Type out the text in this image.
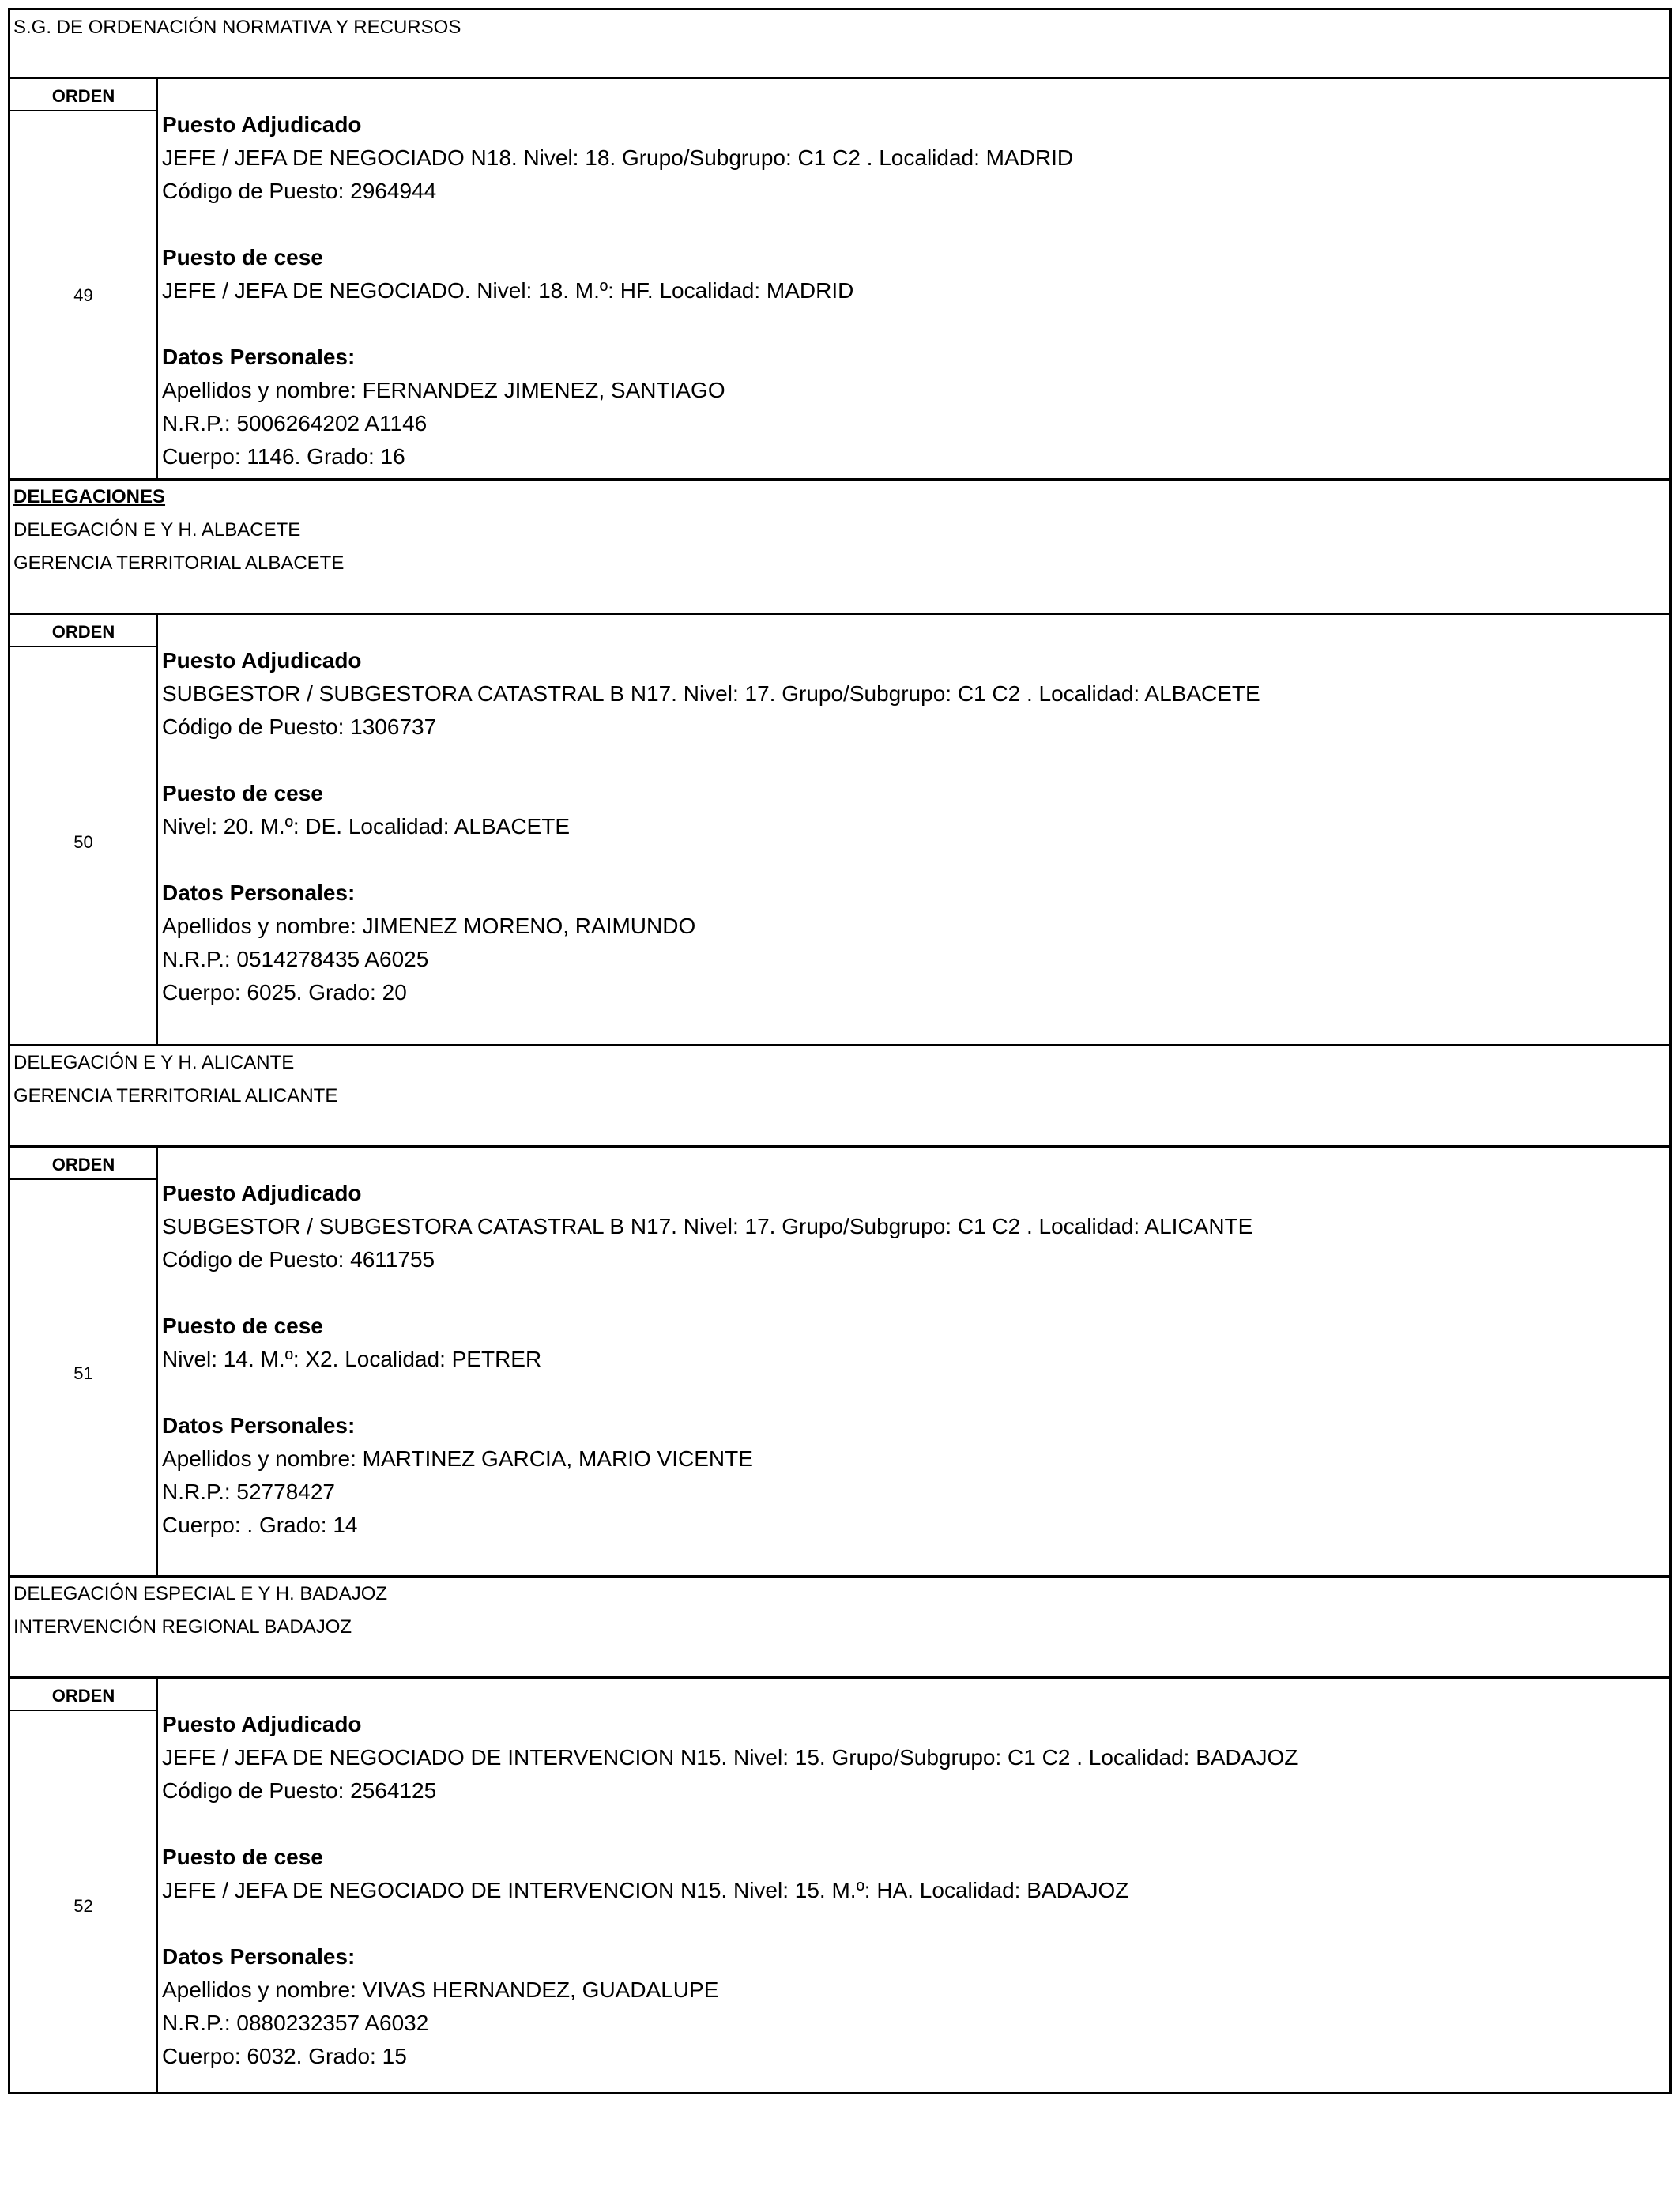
S.G. DE ORDENACIÓN NORMATIVA Y RECURSOS
ORDEN
49
Puesto Adjudicado
JEFE / JEFA DE NEGOCIADO N18. Nivel: 18. Grupo/Subgrupo: C1 C2 . Localidad: MADRID
Código de Puesto: 2964944
Puesto de cese
JEFE / JEFA DE NEGOCIADO. Nivel: 18. M.º: HF. Localidad: MADRID
Datos Personales:
Apellidos y nombre: FERNANDEZ JIMENEZ, SANTIAGO
N.R.P.: 5006264202 A1146
Cuerpo: 1146. Grado: 16
DELEGACIONES
DELEGACIÓN E Y H. ALBACETE
GERENCIA TERRITORIAL ALBACETE
ORDEN
50
Puesto Adjudicado
SUBGESTOR / SUBGESTORA CATASTRAL B N17. Nivel: 17. Grupo/Subgrupo: C1 C2 . Localidad: ALBACETE
Código de Puesto: 1306737
Puesto de cese
Nivel: 20. M.º: DE. Localidad: ALBACETE
Datos Personales:
Apellidos y nombre: JIMENEZ MORENO, RAIMUNDO
N.R.P.: 0514278435 A6025
Cuerpo: 6025. Grado: 20
DELEGACIÓN E Y H. ALICANTE
GERENCIA TERRITORIAL ALICANTE
ORDEN
51
Puesto Adjudicado
SUBGESTOR / SUBGESTORA CATASTRAL B N17. Nivel: 17. Grupo/Subgrupo: C1 C2 . Localidad: ALICANTE
Código de Puesto: 4611755
Puesto de cese
Nivel: 14. M.º: X2. Localidad: PETRER
Datos Personales:
Apellidos y nombre: MARTINEZ GARCIA, MARIO VICENTE
N.R.P.: 52778427
Cuerpo: . Grado: 14
DELEGACIÓN ESPECIAL E Y H. BADAJOZ
INTERVENCIÓN REGIONAL BADAJOZ
ORDEN
52
Puesto Adjudicado
JEFE / JEFA DE NEGOCIADO DE INTERVENCION N15. Nivel: 15. Grupo/Subgrupo: C1 C2 . Localidad: BADAJOZ
Código de Puesto: 2564125
Puesto de cese
JEFE / JEFA DE NEGOCIADO DE INTERVENCION N15. Nivel: 15. M.º: HA. Localidad: BADAJOZ
Datos Personales:
Apellidos y nombre: VIVAS HERNANDEZ, GUADALUPE
N.R.P.: 0880232357 A6032
Cuerpo: 6032. Grado: 15
